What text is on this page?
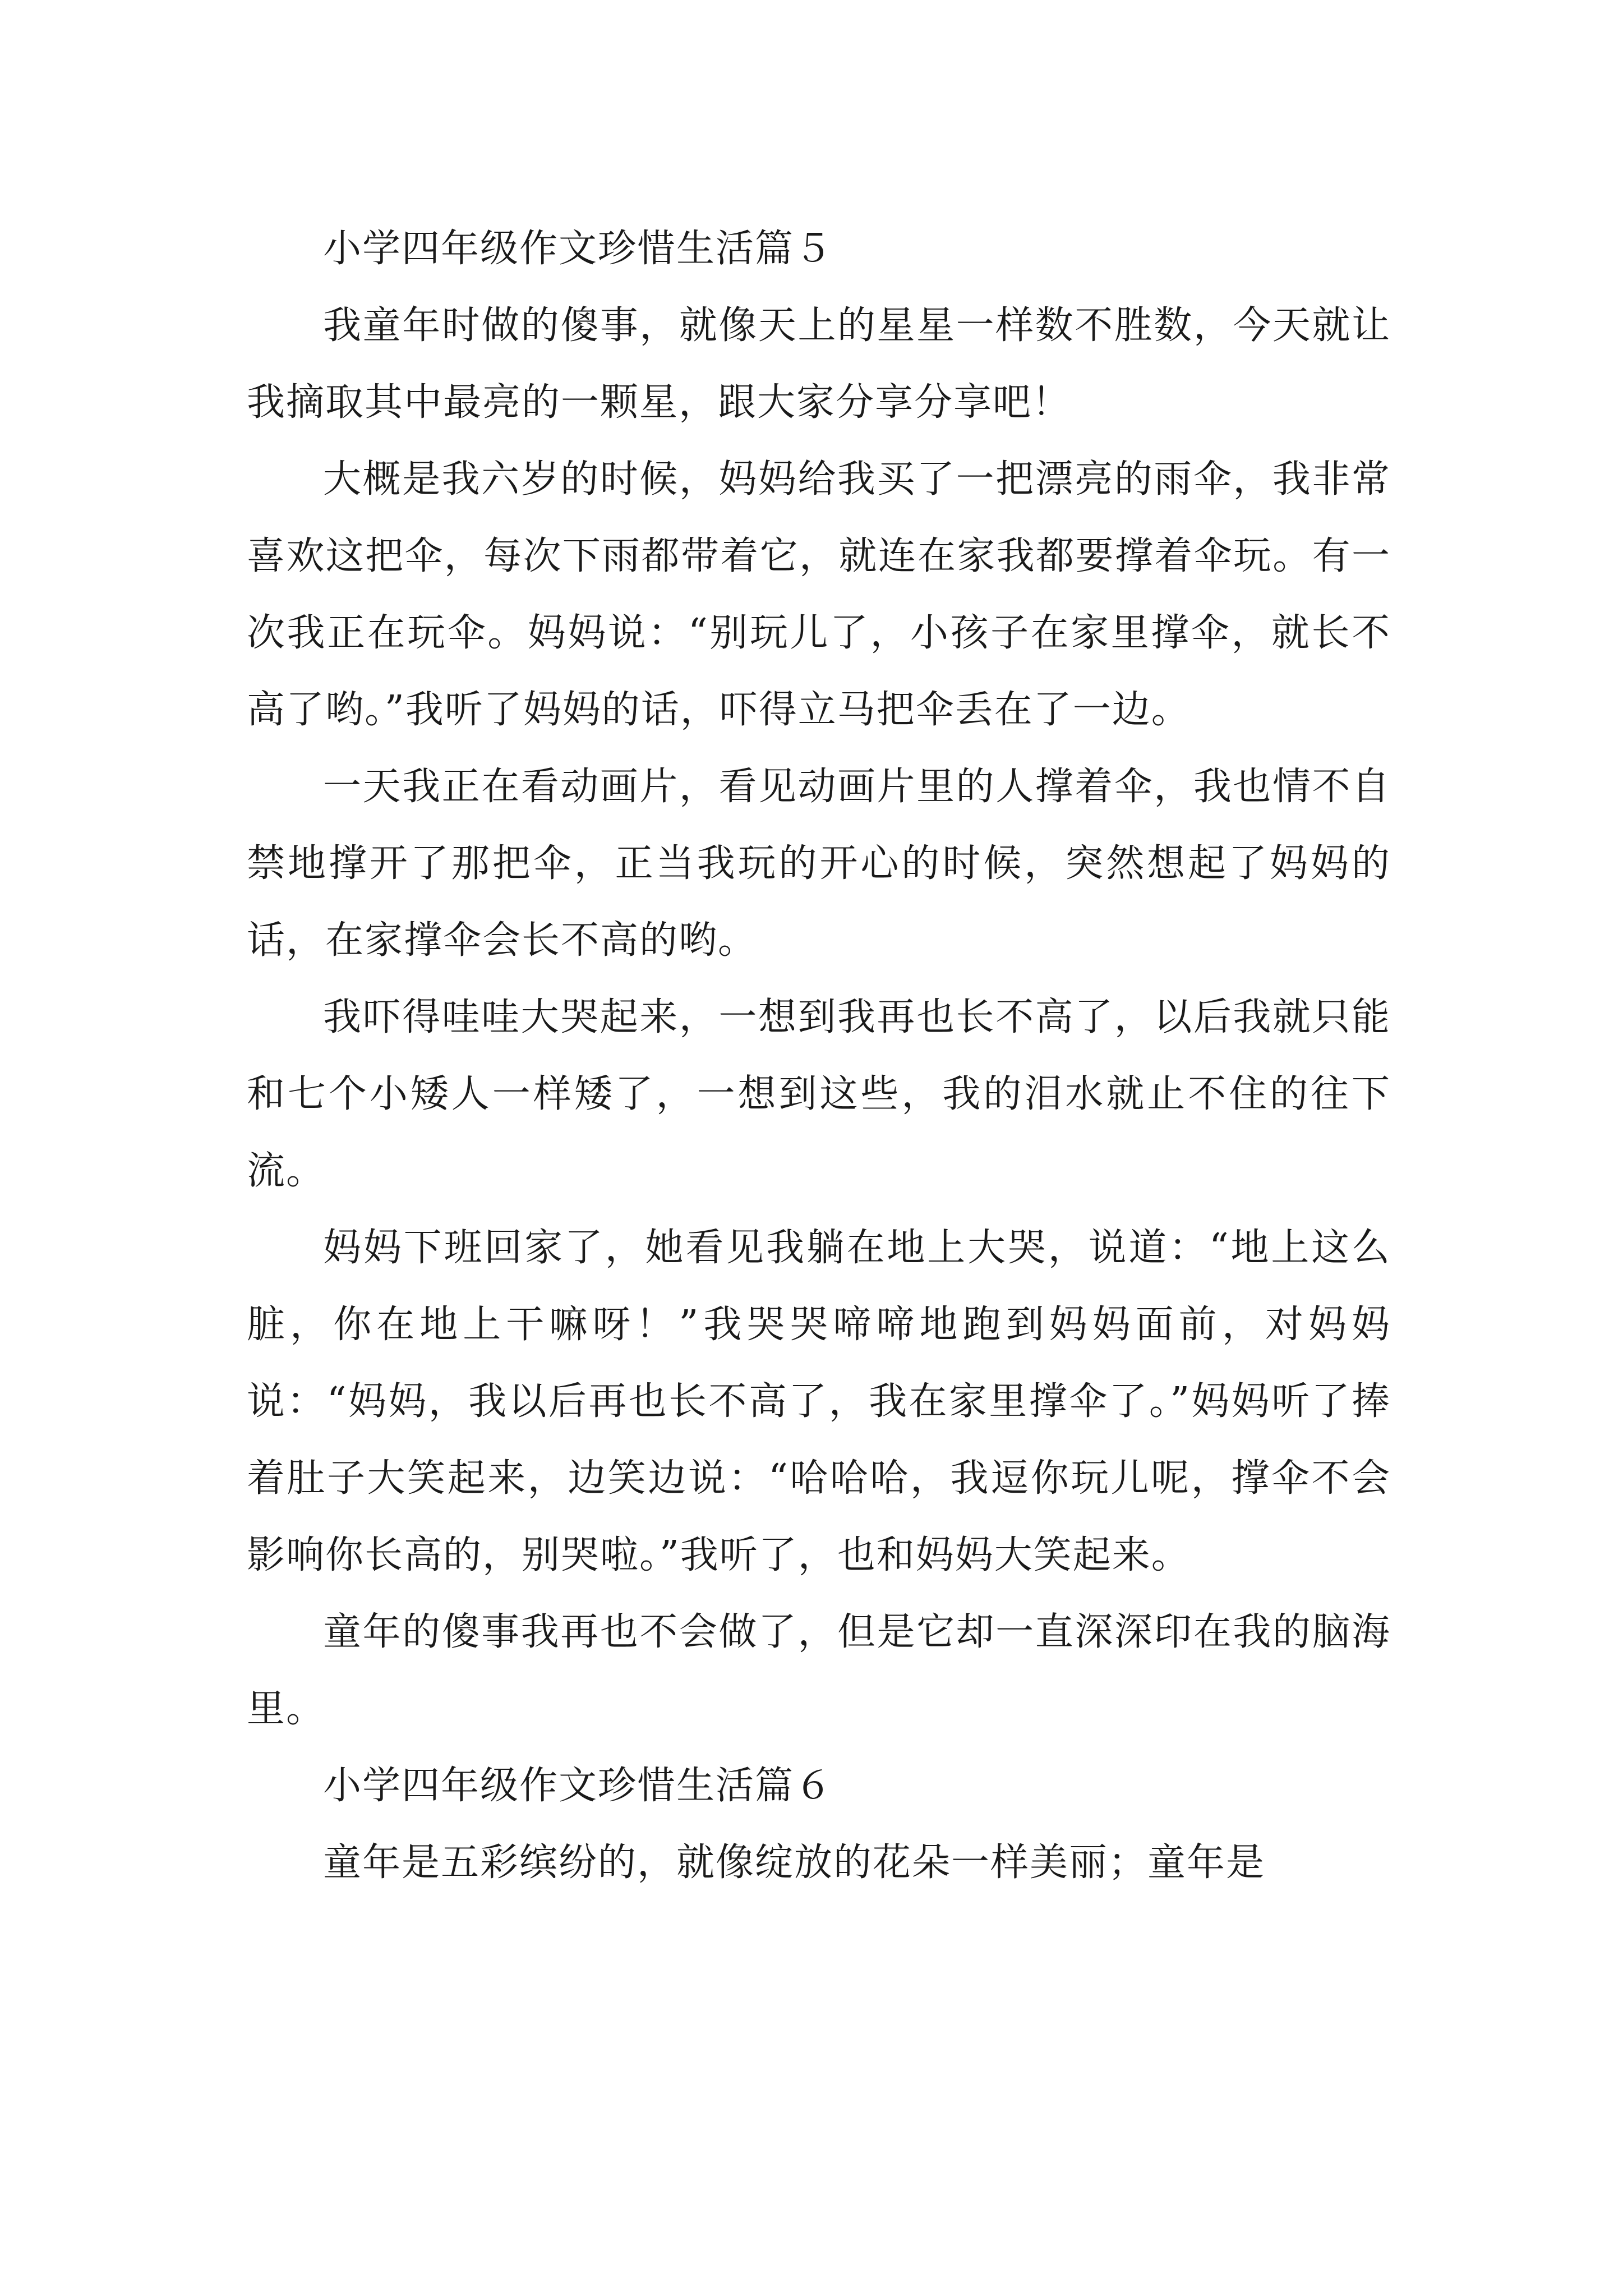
小学四年级作文珍惜生活篇５

我童年时做的傻事，就像天上的星星一样数不胜数，今天就让我摘取其中最亮的一颗星，跟大家分享分享吧！

大概是我六岁的时候，妈妈给我买了一把漂亮的雨伞，我非常喜欢这把伞，每次下雨都带着它，就连在家我都要撑着伞玩。有一次我正在玩伞。妈妈说：“别玩儿了，小孩子在家里撑伞，就长不高了哟。”我听了妈妈的话，吓得立马把伞丢在了一边。

一天我正在看动画片，看见动画片里的人撑着伞，我也情不自禁地撑开了那把伞，正当我玩的开心的时候，突然想起了妈妈的话，在家撑伞会长不高的哟。

我吓得哇哇大哭起来，一想到我再也长不高了，以后我就只能和七个小矮人一样矮了，一想到这些，我的泪水就止不住的往下流。

妈妈下班回家了，她看见我躺在地上大哭，说道：“地上这么脏，你在地上干嘛呀！”我哭哭啼啼地跑到妈妈面前，对妈妈说：“妈妈，我以后再也长不高了，我在家里撑伞了。”妈妈听了捧着肚子大笑起来，边笑边说：“哈哈哈，我逗你玩儿呢，撑伞不会影响你长高的，别哭啦。”我听了，也和妈妈大笑起来。

童年的傻事我再也不会做了，但是它却一直深深印在我的脑海里。

小学四年级作文珍惜生活篇６

童年是五彩缤纷的，就像绽放的花朵一样美丽；童年是
